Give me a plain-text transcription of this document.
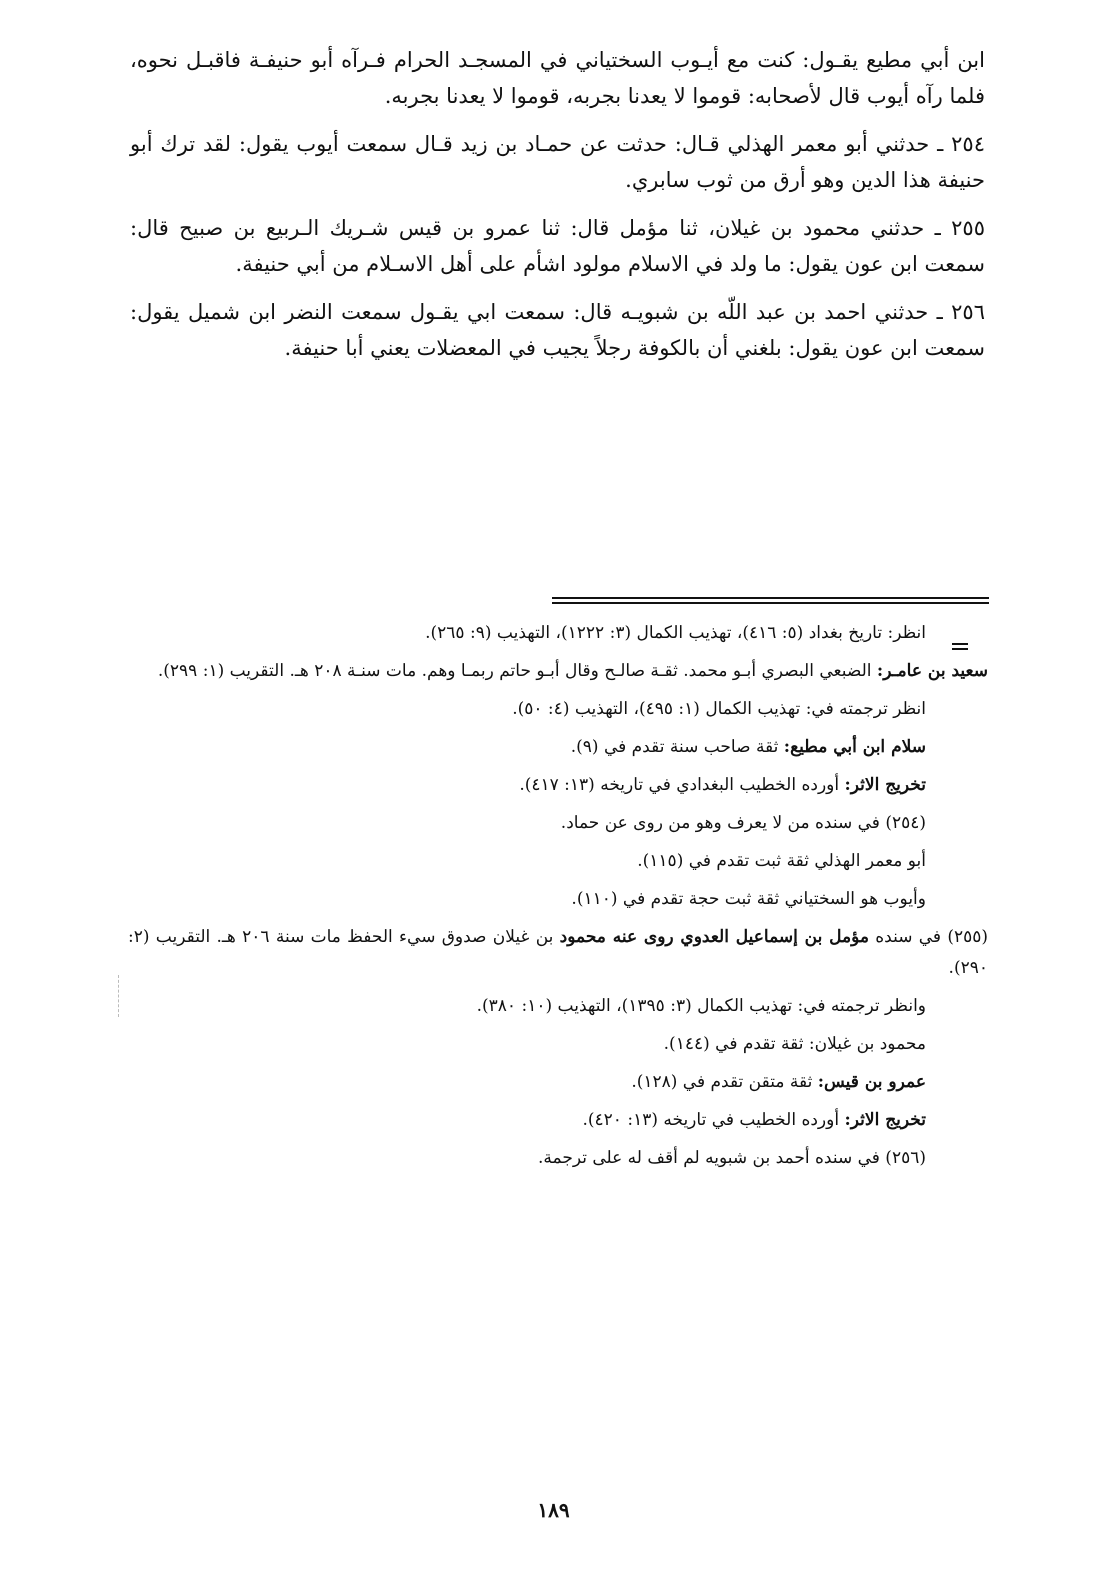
ابن أبي مطيع يقـول: كنت مع أيـوب السختياني في المسجـد الحرام فـرآه أبو حنيفـة فاقبـل نحوه، فلما رآه أيوب قال لأصحابه: قوموا لا يعدنا بجربه، قوموا لا يعدنا بجربه.

٢٥٤ ـ حدثني أبو معمر الهذلي قـال: حدثت عن حمـاد بن زيد قـال سمعت أيوب يقول: لقد ترك أبو حنيفة هذا الدين وهو أرق من ثوب سابري.

٢٥٥ ـ حدثني محمود بن غيلان، ثنا مؤمل قال: ثنا عمرو بن قيس شـريك الـربيع بن صبيح قال: سمعت ابن عون يقول: ما ولد في الاسلام مولود اشأم على أهل الاسـلام من أبي حنيفة.

٢٥٦ ـ حدثني احمد بن عبد اللّه بن شبويـه قال: سمعت ابي يقـول سمعت النضر ابن شميل يقول: سمعت ابن عون يقول: بلغني أن بالكوفة رجلاً يجيب في المعضلات يعني أبا حنيفة.

انظر: تاريخ بغداد (٥: ٤١٦)، تهذيب الكمال (٣: ١٢٢٢)، التهذيب (٩: ٢٦٥).

سعيد بن عامـر: الضبعي البصري أبـو محمد. ثقـة صالـح وقال أبـو حاتم ربمـا وهم. مات سنـة ٢٠٨ هـ. التقريب (١: ٢٩٩).

انظر ترجمته في: تهذيب الكمال (١: ٤٩٥)، التهذيب (٤: ٥٠).

سلام ابن أبي مطيع: ثقة صاحب سنة تقدم في (٩).

تخريج الاثر: أورده الخطيب البغدادي في تاريخه (١٣: ٤١٧).

(٢٥٤) في سنده من لا يعرف وهو من روى عن حماد.

أبو معمر الهذلي ثقة ثبت تقدم في (١١٥).

وأيوب هو السختياني ثقة ثبت حجة تقدم في (١١٠).

(٢٥٥) في سنده مؤمل بن إسماعيل العدوي روى عنه محمود بن غيلان صدوق سيء الحفظ مات سنة ٢٠٦ هـ. التقريب (٢: ٢٩٠).

وانظر ترجمته في: تهذيب الكمال (٣: ١٣٩٥)، التهذيب (١٠: ٣٨٠).

محمود بن غيلان: ثقة تقدم في (١٤٤).

عمرو بن قيس: ثقة متقن تقدم في (١٢٨).

تخريج الاثر: أورده الخطيب في تاريخه (١٣: ٤٢٠).

(٢٥٦) في سنده أحمد بن شبويه لم أقف له على ترجمة.

١٨٩
